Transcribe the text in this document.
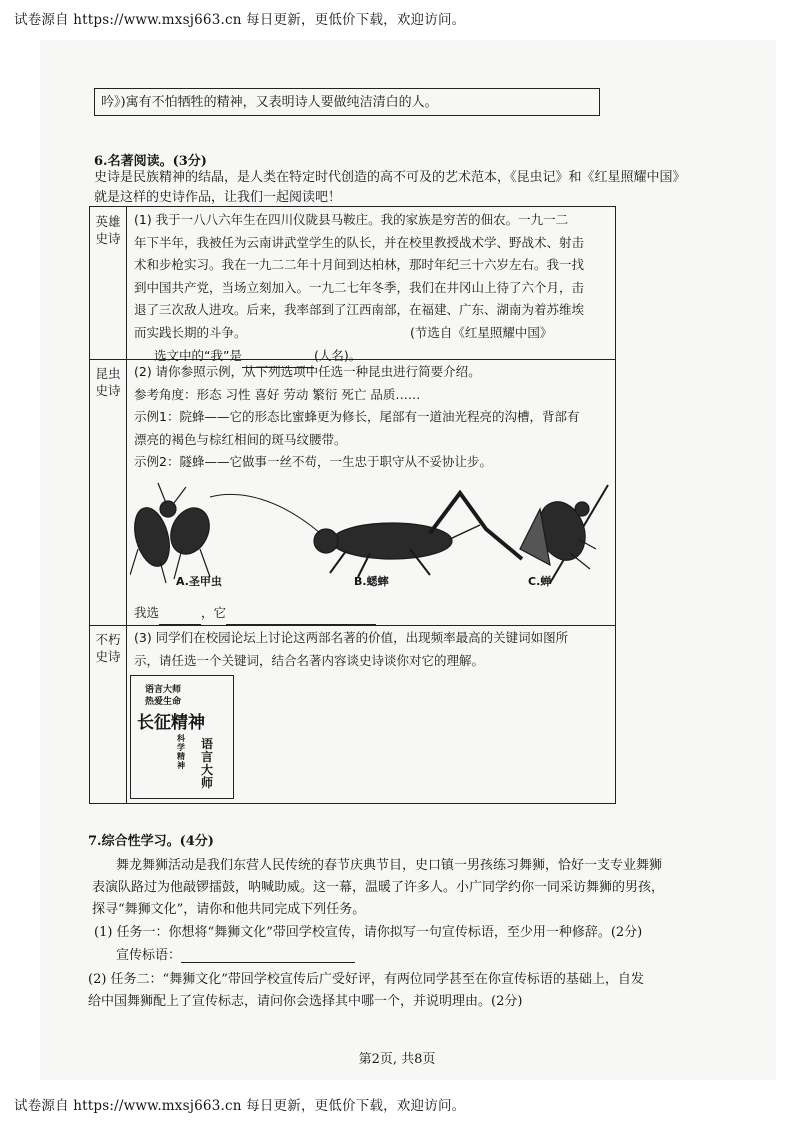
试卷源自 https://www.mxsj663.cn 每日更新，更低价下载，欢迎访问。
吟》)寓有不怕牺牲的精神，又表明诗人要做纯洁清白的人。
6.名著阅读。(3分)
史诗是民族精神的结晶，是人类在特定时代创造的高不可及的艺术范本，《昆虫记》和《红星照耀中国》
就是这样的史诗作品，让我们一起阅读吧！
英雄
史诗
(1) 我于一八八六年生在四川仪陇县马鞍庄。我的家族是穷苦的佃农。一九一二
年下半年，我被任为云南讲武堂学生的队长，并在校里教授战术学、野战术、射击
术和步枪实习。我在一九二二年十月间到达柏林，那时年纪三十六岁左右。我一找
到中国共产党，当场立刻加入。一九二七年冬季，我们在井冈山上待了六个月，击
退了三次敌人进攻。后来，我率部到了江西南部，在福建、广东、湖南为着苏维埃
而实践长期的斗争。	(节选自《红星照耀中国》
选文中的“我”是	(人名)。
昆虫
史诗
(2) 请你参照示例，从下列选项中任选一种昆虫进行简要介绍。
参考角度：形态 习性 喜好 劳动 繁衍 死亡 品质……
示例1：院蜂——它的形态比蜜蜂更为修长，尾部有一道油光程亮的沟槽，背部有
漂亮的褐色与棕红相间的斑马纹腰带。
示例2：隧蜂——它做事一丝不苟，一生忠于职守从不妥协让步。
A.圣甲虫	B.蟋蟀	C.蝉
我选	，它
不朽
史诗
(3) 同学们在校园论坛上讨论这两部名著的价值，出现频率最高的关键词如图所
示，请任选一个关键词，结合名著内容谈史诗谈你对它的理解。
语言大师
热爱生命
长征精神
科学精神
语言大师
7.综合性学习。(4分)
舞龙舞狮活动是我们东营人民传统的春节庆典节目，史口镇一男孩练习舞狮，恰好一支专业舞狮
表演队路过为他敲锣擂鼓，呐喊助威。这一幕，温暖了许多人。小广同学约你一同采访舞狮的男孩，
探寻“舞狮文化”，请你和他共同完成下列任务。
(1) 任务一：你想将“舞狮文化”带回学校宣传，请你拟写一句宣传标语，至少用一种修辞。(2分)
宣传标语：
(2) 任务二：“舞狮文化”带回学校宣传后广受好评，有两位同学甚至在你宣传标语的基础上，自发
给中国舞狮配上了宣传标志，请问你会选择其中哪一个，并说明理由。(2分)
第2页, 共8页
试卷源自 https://www.mxsj663.cn 每日更新，更低价下载，欢迎访问。
